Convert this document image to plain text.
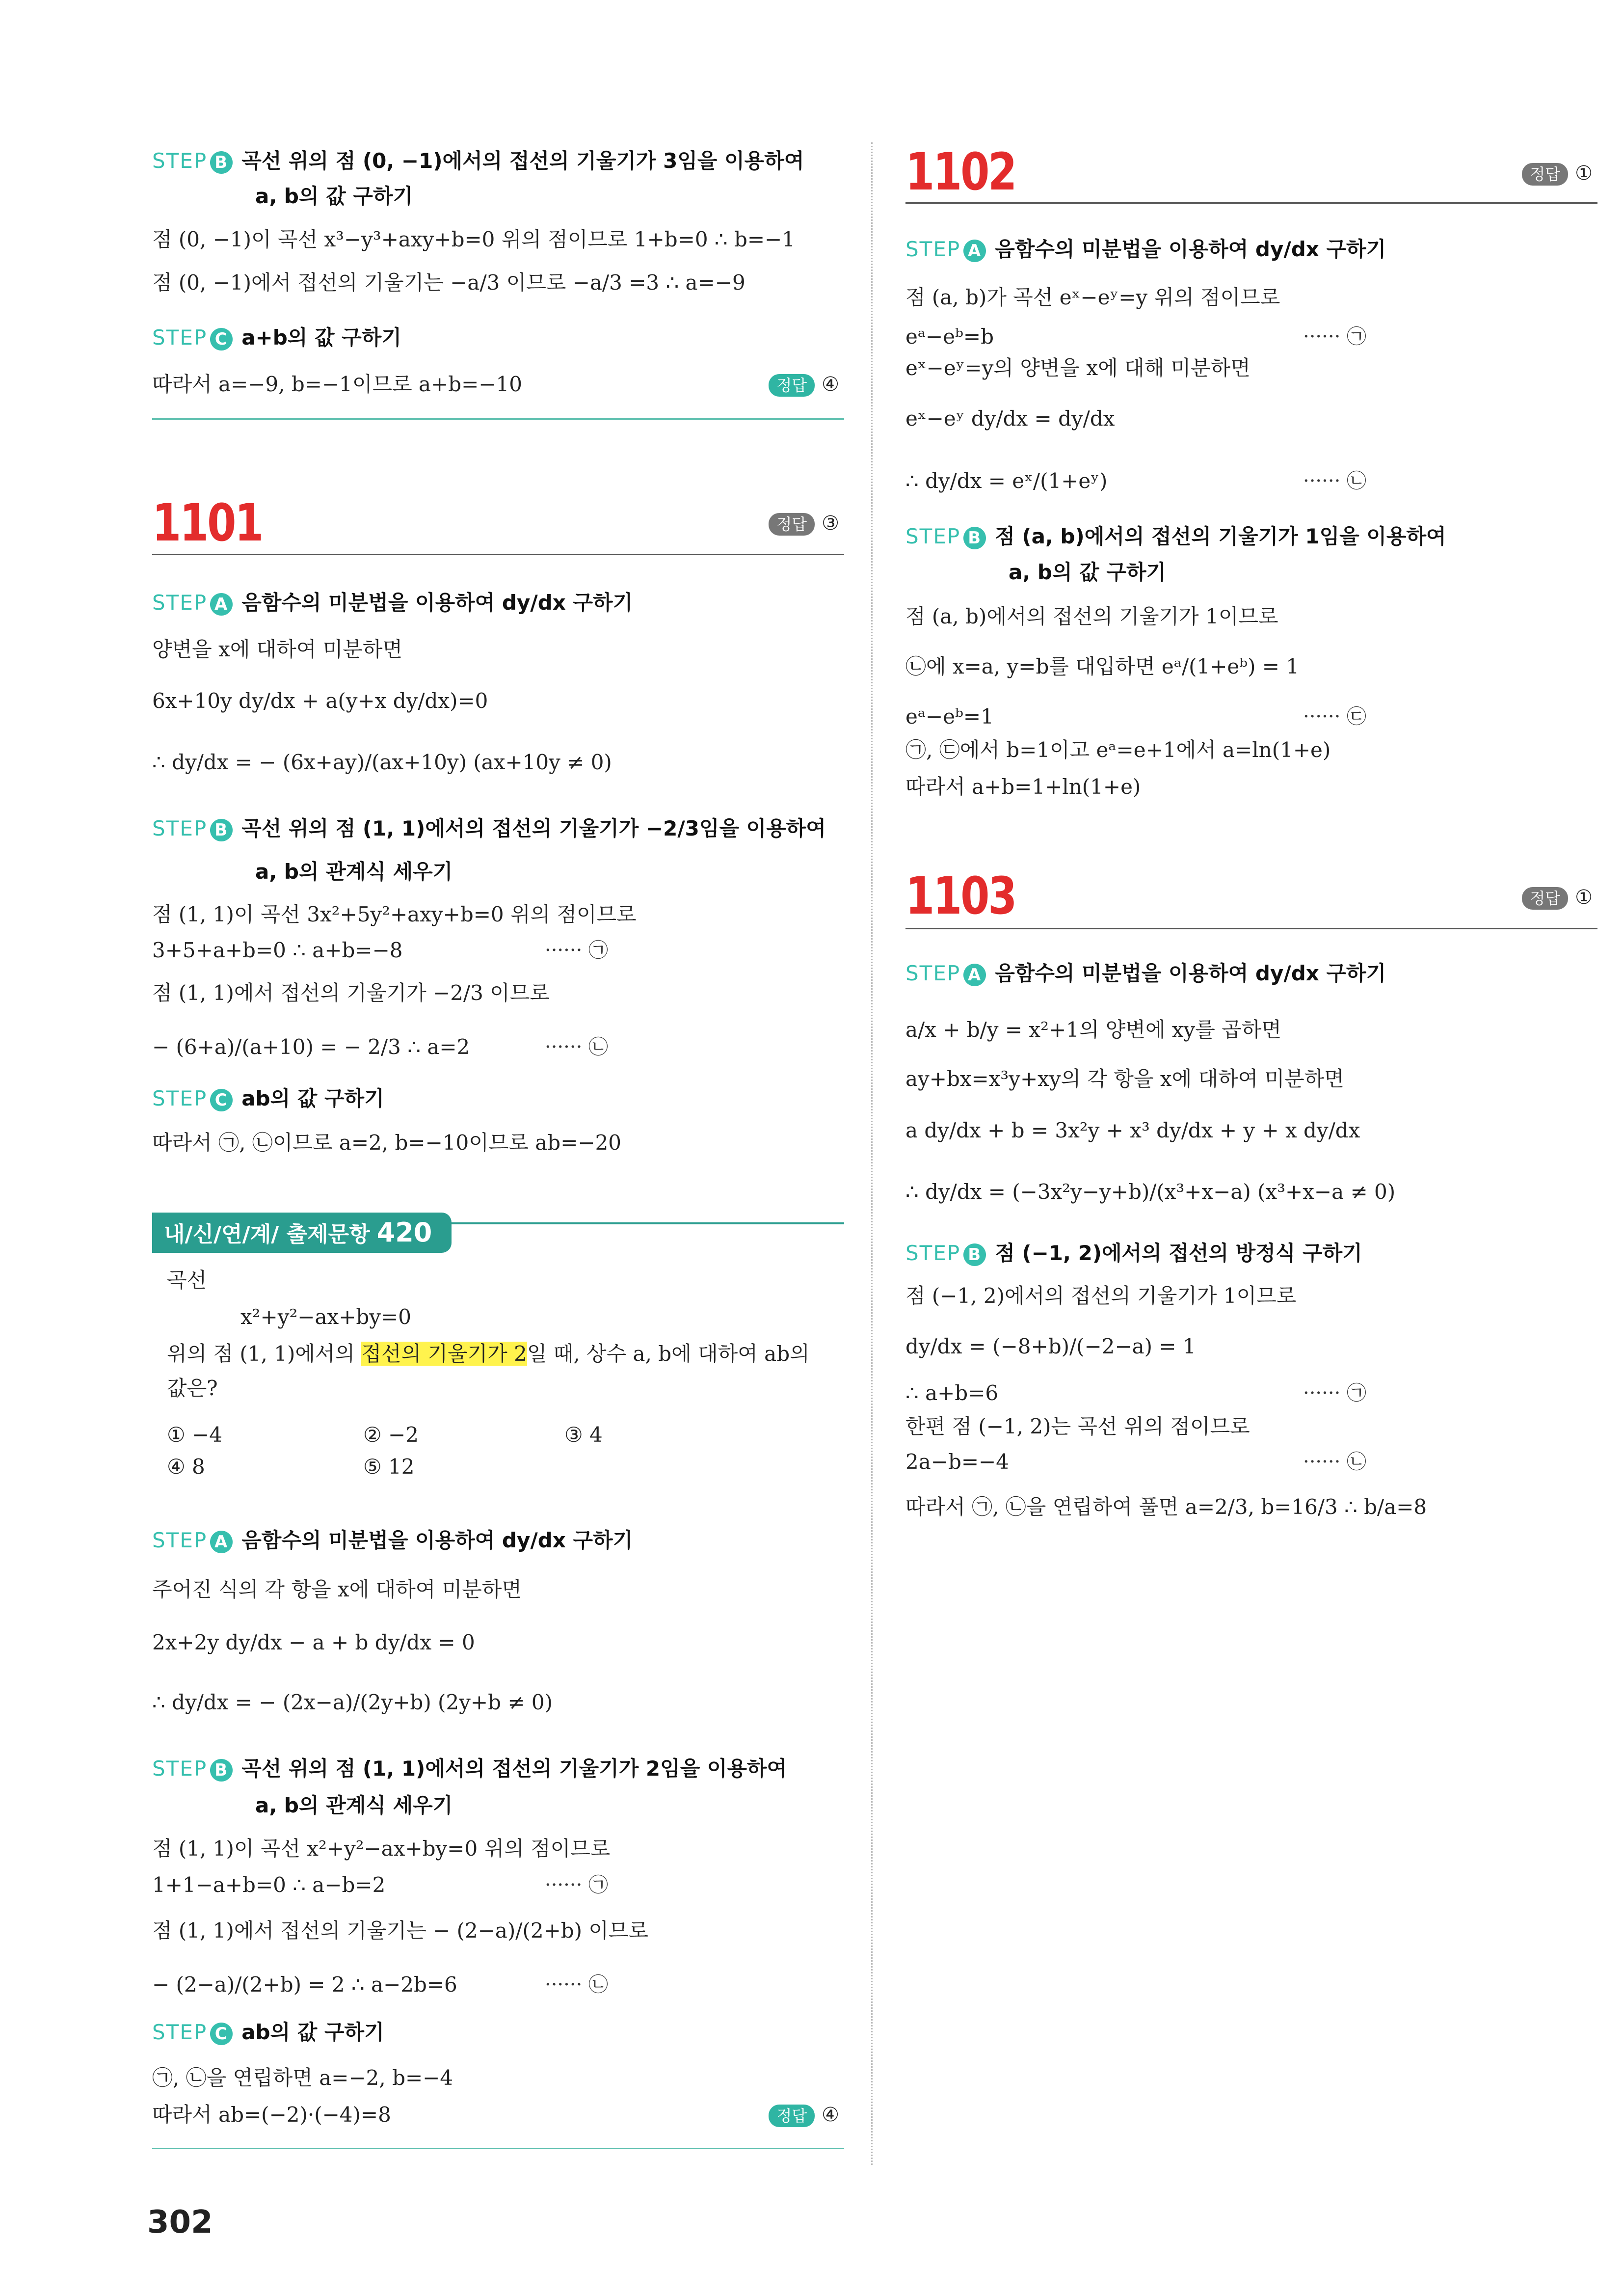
STEP B 곡선 위의 점 (0, −1)에서의 접선의 기울기가 3임을 이용하여
a, b의 값 구하기
점 (0, −1)이 곡선 x³−y³+axy+b=0 위의 점이므로 1+b=0 ∴ b=−1
점 (0, −1)에서 접선의 기울기는 −a/3 이므로 −a/3 =3 ∴ a=−9
STEP C a+b의 값 구하기
따라서 a=−9, b=−1이므로 a+b=−10	정답 ④
1101	정답 ③
STEP A 음함수의 미분법을 이용하여 dy/dx 구하기
양변을 x에 대하여 미분하면
6x+10y dy/dx + a(y+x dy/dx)=0
∴ dy/dx = − (6x+ay)/(ax+10y) (ax+10y ≠ 0)
STEP B 곡선 위의 점 (1, 1)에서의 접선의 기울기가 −2/3임을 이용하여
a, b의 관계식 세우기
점 (1, 1)이 곡선 3x²+5y²+axy+b=0 위의 점이므로
3+5+a+b=0 ∴ a+b=−8	······ ㉠
점 (1, 1)에서 접선의 기울기가 −2/3 이므로
− (6+a)/(a+10) = − 2/3 ∴ a=2	······ ㉡
STEP C ab의 값 구하기
따라서 ㉠, ㉡이므로 a=2, b=−10이므로 ab=−20
내/신/연/계/ 출제문항 420
곡선
x²+y²−ax+by=0
위의 점 (1, 1)에서의 접선의 기울기가 2일 때, 상수 a, b에 대하여 ab의
값은?
① −4	② −2	③ 4
④ 8	⑤ 12
STEP A 음함수의 미분법을 이용하여 dy/dx 구하기
주어진 식의 각 항을 x에 대하여 미분하면
2x+2y dy/dx − a + b dy/dx = 0
∴ dy/dx = − (2x−a)/(2y+b) (2y+b ≠ 0)
STEP B 곡선 위의 점 (1, 1)에서의 접선의 기울기가 2임을 이용하여
a, b의 관계식 세우기
점 (1, 1)이 곡선 x²+y²−ax+by=0 위의 점이므로
1+1−a+b=0 ∴ a−b=2	······ ㉠
점 (1, 1)에서 접선의 기울기는 − (2−a)/(2+b) 이므로
− (2−a)/(2+b) = 2 ∴ a−2b=6	······ ㉡
STEP C ab의 값 구하기
㉠, ㉡을 연립하면 a=−2, b=−4
따라서 ab=(−2)·(−4)=8	정답 ④
1102	정답 ①
STEP A 음함수의 미분법을 이용하여 dy/dx 구하기
점 (a, b)가 곡선 eˣ−eʸ=y 위의 점이므로
eᵃ−eᵇ=b	······ ㉠
eˣ−eʸ=y의 양변을 x에 대해 미분하면
eˣ−eʸ dy/dx = dy/dx
∴ dy/dx = eˣ/(1+eʸ)	······ ㉡
STEP B 점 (a, b)에서의 접선의 기울기가 1임을 이용하여
a, b의 값 구하기
점 (a, b)에서의 접선의 기울기가 1이므로
㉡에 x=a, y=b를 대입하면 eᵃ/(1+eᵇ) = 1
eᵃ−eᵇ=1	······ ㉢
㉠, ㉢에서 b=1이고 eᵃ=e+1에서 a=ln(1+e)
따라서 a+b=1+ln(1+e)
1103	정답 ①
STEP A 음함수의 미분법을 이용하여 dy/dx 구하기
a/x + b/y = x²+1의 양변에 xy를 곱하면
ay+bx=x³y+xy의 각 항을 x에 대하여 미분하면
a dy/dx + b = 3x²y + x³ dy/dx + y + x dy/dx
∴ dy/dx = (−3x²y−y+b)/(x³+x−a) (x³+x−a ≠ 0)
STEP B 점 (−1, 2)에서의 접선의 방정식 구하기
점 (−1, 2)에서의 접선의 기울기가 1이므로
dy/dx = (−8+b)/(−2−a) = 1
∴ a+b=6	······ ㉠
한편 점 (−1, 2)는 곡선 위의 점이므로
2a−b=−4	······ ㉡
따라서 ㉠, ㉡을 연립하여 풀면 a=2/3, b=16/3 ∴ b/a=8
302
